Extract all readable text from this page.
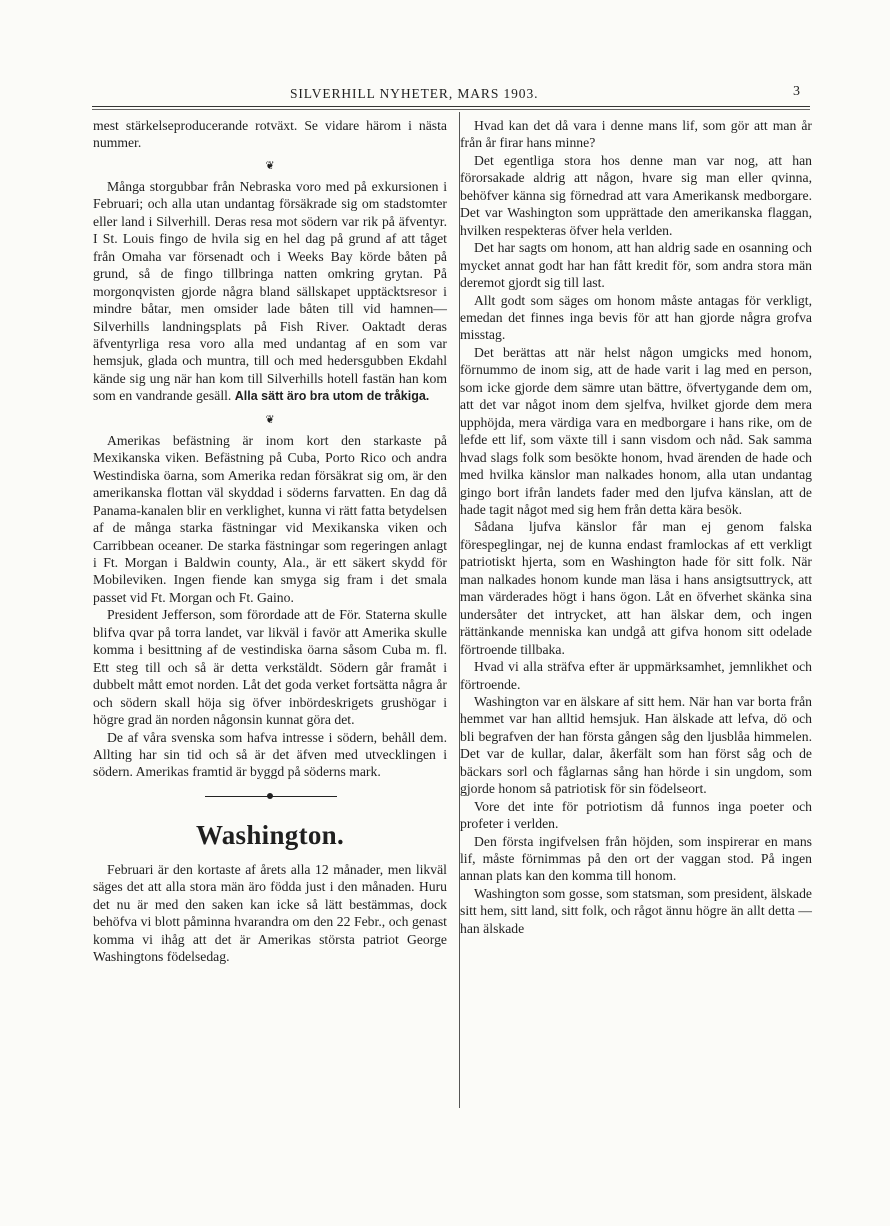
SILVERHILL NYHETER, MARS 1903.	3

mest stärkelseproducerande rotväxt. Se vidare härom i nästa nummer.

❦

Många storgubbar från Nebraska voro med på exkursionen i Februari; och alla utan undantag försäkrade sig om stadstomter eller land i Silverhill. Deras resa mot södern var rik på äfventyr. I St. Louis fingo de hvila sig en hel dag på grund af att tåget från Omaha var försenadt och i Weeks Bay körde båten på grund, så de fingo tillbringa natten omkring grytan. På morgonqvisten gjorde några bland sällskapet upptäcktsresor i mindre båtar, men omsider lade båten till vid hamnen—Silverhills landningsplats på Fish River. Oaktadt deras äfventyrliga resa voro alla med undantag af en som var hemsjuk, glada och muntra, till och med hedersgubben Ekdahl kände sig ung när han kom till Silverhills hotell fastän han kom som en vandrande gesäll. Alla sätt äro bra utom de tråkiga.

❦

Amerikas befästning är inom kort den starkaste på Mexikanska viken. Befästning på Cuba, Porto Rico och andra Westindiska öarna, som Amerika redan försäkrat sig om, är den amerikanska flottan väl skyddad i söderns farvatten. En dag då Panama-kanalen blir en verklighet, kunna vi rätt fatta betydelsen af de många starka fästningar vid Mexikanska viken och Carribbean oceaner. De starka fästningar som regeringen anlagt i Ft. Morgan i Baldwin county, Ala., är ett säkert skydd för Mobileviken. Ingen fiende kan smyga sig fram i det smala passet vid Ft. Morgan och Ft. Gaino.

President Jefferson, som förordade att de För. Staterna skulle blifva qvar på torra landet, var likväl i favör att Amerika skulle komma i besittning af de vestindiska öarna såsom Cuba m. fl. Ett steg till och så är detta verkstäldt. Södern går framåt i dubbelt mått emot norden. Låt det goda verket fortsätta några år och södern skall höja sig öfver inbördeskrigets grushögar i högre grad än norden någonsin kunnat göra det.

De af våra svenska som hafva intresse i södern, behåll dem. Allting har sin tid och så är det äfven med utvecklingen i södern. Amerikas framtid är byggd på söderns mark.

Washington.

Februari är den kortaste af årets alla 12 månader, men likväl säges det att alla stora män äro födda just i den månaden. Huru det nu är med den saken kan icke så lätt bestämmas, dock behöfva vi blott påminna hvarandra om den 22 Febr., och genast komma vi ihåg att det är Amerikas största patriot George Washingtons födelsedag.

Hvad kan det då vara i denne mans lif, som gör att man år från år firar hans minne?

Det egentliga stora hos denne man var nog, att han förorsakade aldrig att någon, hvare sig man eller qvinna, behöfver känna sig förnedrad att vara Amerikansk medborgare. Det var Washington som upprättade den amerikanska flaggan, hvilken respekteras öfver hela verlden.

Det har sagts om honom, att han aldrig sade en osanning och mycket annat godt har han fått kredit för, som andra stora män deremot gjordt sig till last.

Allt godt som säges om honom måste antagas för verkligt, emedan det finnes inga bevis för att han gjorde några grofva misstag.

Det berättas att när helst någon umgicks med honom, förnummo de inom sig, att de hade varit i lag med en person, som icke gjorde dem sämre utan bättre, öfvertygande dem om, att det var något inom dem sjelfva, hvilket gjorde dem mera upphöjda, mera värdiga vara en medborgare i hans rike, om de lefde ett lif, som växte till i sann visdom och nåd. Sak samma hvad slags folk som besökte honom, hvad ärenden de hade och med hvilka känslor man nalkades honom, alla utan undantag gingo bort ifrån landets fader med den ljufva känslan, att de hade tagit något med sig hem från detta kära besök.

Sådana ljufva känslor får man ej genom falska förespeglingar, nej de kunna endast framlockas af ett verkligt patriotiskt hjerta, som en Washington hade för sitt folk. När man nalkades honom kunde man läsa i hans ansigtsuttryck, att man värderades högt i hans ögon. Låt en öfverhet skänka sina undersåter det intrycket, att han älskar dem, och ingen rättänkande menniska kan undgå att gifva honom sitt odelade förtroende tillbaka.

Hvad vi alla sträfva efter är uppmärksamhet, jemnlikhet och förtroende.

Washington var en älskare af sitt hem. När han var borta från hemmet var han alltid hemsjuk. Han älskade att lefva, dö och bli begrafven der han första gången såg den ljusblåa himmelen. Det var de kullar, dalar, åkerfält som han först såg och de bäckars sorl och fåglarnas sång han hörde i sin ungdom, som gjorde honom så patriotisk för sin födelseort.

Vore det inte för potriotism då funnos inga poeter och profeter i verlden.

Den första ingifvelsen från höjden, som inspirerar en mans lif, måste förnimmas på den ort der vaggan stod. På ingen annan plats kan den komma till honom.

Washington som gosse, som statsman, som president, älskade sitt hem, sitt land, sitt folk, och rågot ännu högre än allt detta — han älskade
